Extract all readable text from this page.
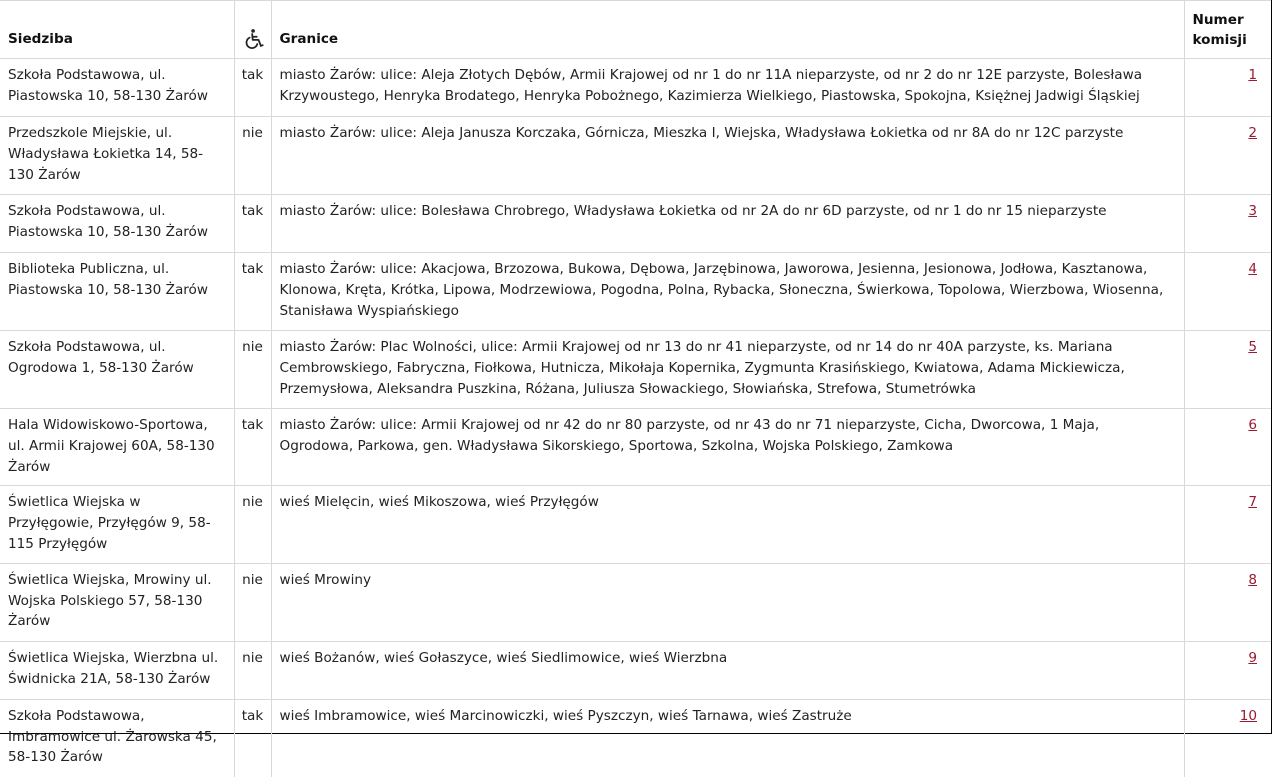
Siedziba		Granice	Numer
komisji
Szkoła Podstawowa, ul. Piastowska 10, 58-130 Żarów	tak	miasto Żarów: ulice: Aleja Złotych Dębów, Armii Krajowej od nr 1 do nr 11A nieparzyste, od nr 2 do nr 12E parzyste, Bolesława Krzywoustego, Henryka Brodatego, Henryka Pobożnego, Kazimierza Wielkiego, Piastowska, Spokojna, Księżnej Jadwigi Śląskiej	1
Przedszkole Miejskie, ul. Władysława Łokietka 14, 58-130 Żarów	nie	miasto Żarów: ulice: Aleja Janusza Korczaka, Górnicza, Mieszka I, Wiejska, Władysława Łokietka od nr 8A do nr 12C parzyste	2
Szkoła Podstawowa, ul. Piastowska 10, 58-130 Żarów	tak	miasto Żarów: ulice: Bolesława Chrobrego, Władysława Łokietka od nr 2A do nr 6D parzyste, od nr 1 do nr 15 nieparzyste	3
Biblioteka Publiczna, ul. Piastowska 10, 58-130 Żarów	tak	miasto Żarów: ulice: Akacjowa, Brzozowa, Bukowa, Dębowa, Jarzębinowa, Jaworowa, Jesienna, Jesionowa, Jodłowa, Kasztanowa, Klonowa, Kręta, Krótka, Lipowa, Modrzewiowa, Pogodna, Polna, Rybacka, Słoneczna, Świerkowa, Topolowa, Wierzbowa, Wiosenna, Stanisława Wyspiańskiego	4
Szkoła Podstawowa, ul. Ogrodowa 1, 58-130 Żarów	nie	miasto Żarów: Plac Wolności, ulice: Armii Krajowej od nr 13 do nr 41 nieparzyste, od nr 14 do nr 40A parzyste, ks. Mariana Cembrowskiego, Fabryczna, Fiołkowa, Hutnicza, Mikołaja Kopernika, Zygmunta Krasińskiego, Kwiatowa, Adama Mickiewicza, Przemysłowa, Aleksandra Puszkina, Różana, Juliusza Słowackiego, Słowiańska, Strefowa, Stumetrówka	5
Hala Widowiskowo-Sportowa, ul. Armii Krajowej 60A, 58-130 Żarów	tak	miasto Żarów: ulice: Armii Krajowej od nr 42 do nr 80 parzyste, od nr 43 do nr 71 nieparzyste, Cicha, Dworcowa, 1 Maja, Ogrodowa, Parkowa, gen. Władysława Sikorskiego, Sportowa, Szkolna, Wojska Polskiego, Zamkowa	6
Świetlica Wiejska w Przyłęgowie, Przyłęgów 9, 58-115 Przyłęgów	nie	wieś Mielęcin, wieś Mikoszowa, wieś Przyłęgów	7
Świetlica Wiejska, Mrowiny ul. Wojska Polskiego 57, 58-130 Żarów	nie	wieś Mrowiny	8
Świetlica Wiejska, Wierzbna ul. Świdnicka 21A, 58-130 Żarów	nie	wieś Bożanów, wieś Gołaszyce, wieś Siedlimowice, wieś Wierzbna	9
Szkoła Podstawowa, Imbramowice ul. Żarowska 45, 58-130 Żarów	tak	wieś Imbramowice, wieś Marcinowiczki, wieś Pyszczyn, wieś Tarnawa, wieś Zastruże	10
